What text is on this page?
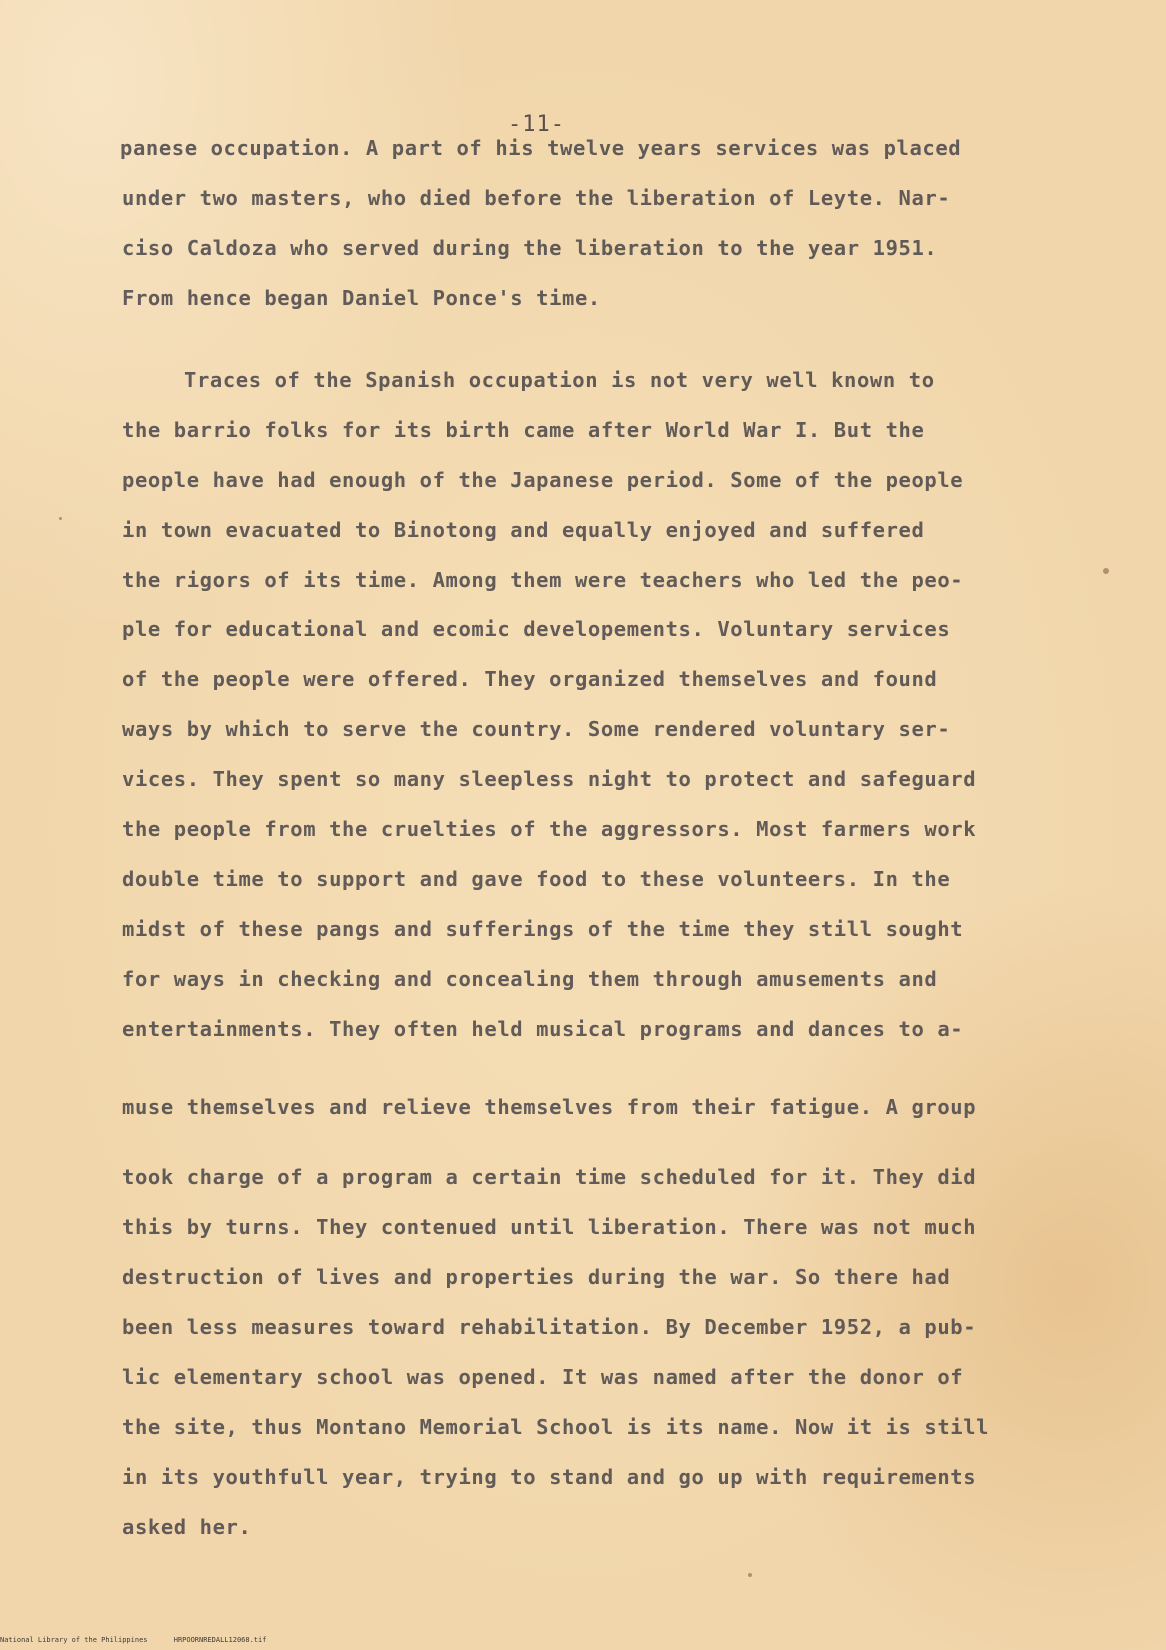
-11-
panese occupation. A part of his twelve years services was placed
under two masters, who died before the liberation of Leyte. Nar-
ciso Caldoza who served during the liberation to the year 1951.
From hence began Daniel Ponce's time.
Traces of the Spanish occupation is not very well known to
the barrio folks for its birth came after World War I. But the
people have had enough of the Japanese period. Some of the people
in town evacuated to Binotong and equally enjoyed and suffered
the rigors of its time. Among them were teachers who led the peo-
ple for educational and ecomic developements. Voluntary services
of the people were offered. They organized themselves and found
ways by which to serve the country. Some rendered voluntary ser-
vices. They spent so many sleepless night to protect and safeguard
the people from the cruelties of the aggressors. Most farmers work
double time to support and gave food to these volunteers. In the
midst of these pangs and sufferings of the time they still sought
for ways in checking and concealing them through amusements and
entertainments. They often held musical programs and dances to a-
muse themselves and relieve themselves from their fatigue. A group
took charge of a program a certain time scheduled for it. They did
this by turns. They contenued until liberation. There was not much
destruction of lives and properties during the war. So there had
been less measures toward rehabilitation. By December 1952, a pub-
lic elementary school was opened. It was named after the donor of
the site, thus Montano Memorial School is its name. Now it is still
in its youthfull year, trying to stand and go up with requirements
asked her.
National Library of the Philippines	HRPOORNREDALL12068.tif
